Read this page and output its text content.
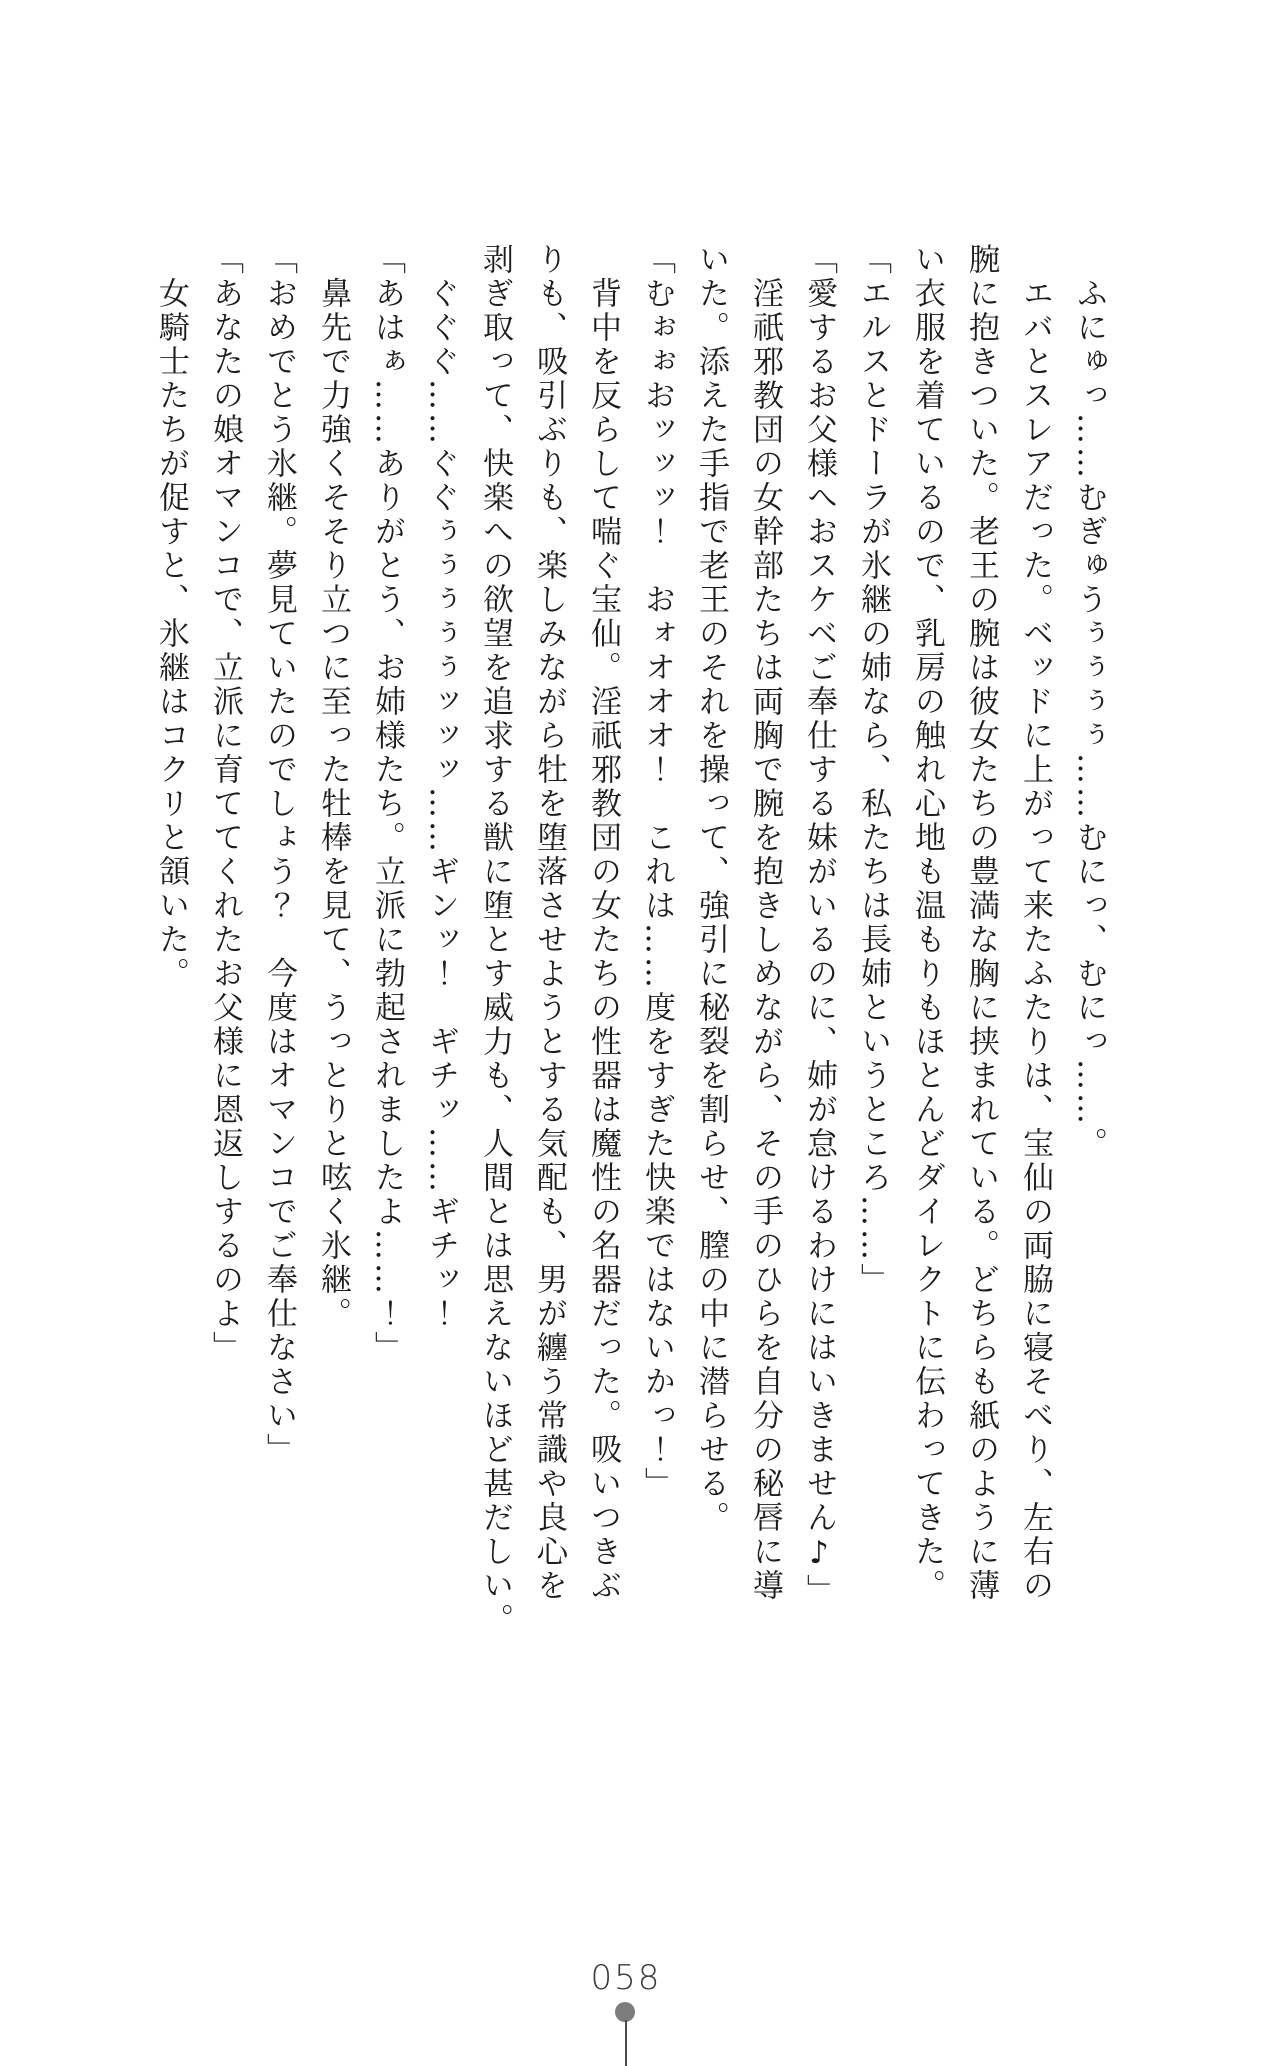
　ふにゅっ……むぎゅうぅぅぅぅ……むにっ、むにっ……。

　エバとスレアだった。ベッドに上がって来たふたりは、宝仙の両脇に寝そべり、左右の

腕に抱きついた。老王の腕は彼女たちの豊満な胸に挟まれている。どちらも紙のように薄

い衣服を着ているので、乳房の触れ心地も温もりもほとんどダイレクトに伝わってきた。

「エルスとドーラが氷継の姉なら、私たちは長姉というところ……」

「愛するお父様へおスケベご奉仕する妹がいるのに、姉が怠けるわけにはいきません♪」

　淫祇邪教団の女幹部たちは両胸で腕を抱きしめながら、その手のひらを自分の秘唇に導

いた。添えた手指で老王のそれを操って、強引に秘裂を割らせ、膣の中に潜らせる。

「むぉぉおッッッ！　おォオオオ！　これは……度をすぎた快楽ではないかっ！」

　背中を反らして喘ぐ宝仙。淫祇邪教団の女たちの性器は魔性の名器だった。吸いつきぶ

りも、吸引ぶりも、楽しみながら牡を堕落させようとする気配も、男が纏う常識や良心を

剥ぎ取って、快楽への欲望を追求する獣に堕とす威力も、人間とは思えないほど甚だしい。

　ぐぐぐ……ぐぐぅぅぅぅぅッッッ……ギンッ！　ギチッ……ギチッ！

「あはぁ……ありがとう、お姉様たち。立派に勃起されましたよ……！」

　鼻先で力強くそそり立つに至った牡棒を見て、うっとりと呟く氷継。

「おめでとう氷継。夢見ていたのでしょう？　今度はオマンコでご奉仕なさい」

「あなたの娘オマンコで、立派に育ててくれたお父様に恩返しするのよ」

　女騎士たちが促すと、氷継はコクリと頷いた。

058
